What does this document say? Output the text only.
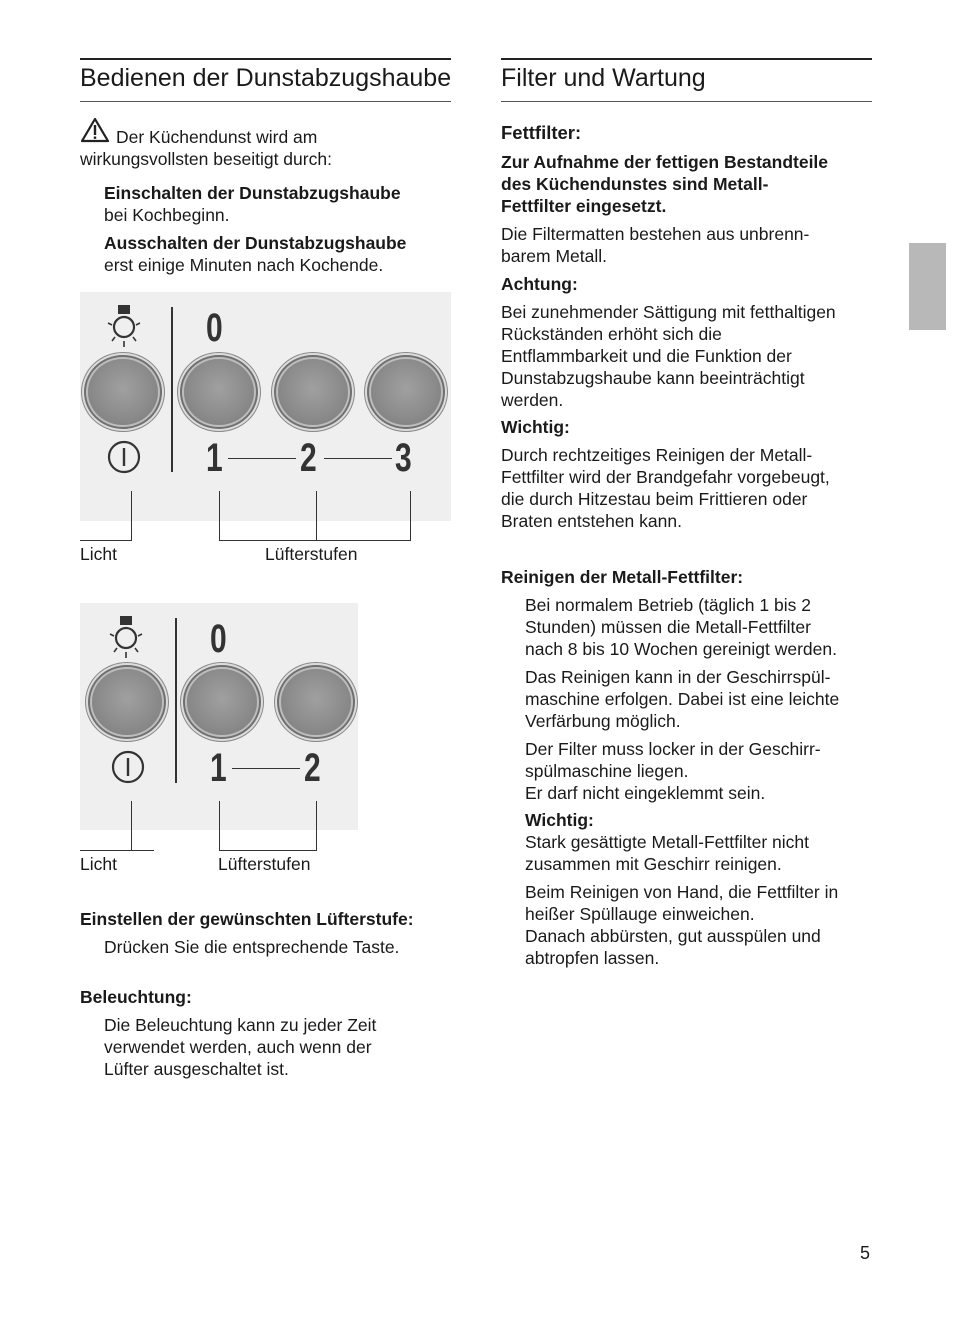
Bedienen der Dunstabzugshaube
Der Küchendunst wird am wirkungsvollsten beseitigt durch:
Einschalten der Dunstabzugshaube
bei Kochbeginn.
Ausschalten der Dunstabzugshaube
erst einige Minuten nach Kochende.
0
1 2 3
Licht	Lüfterstufen
0
1 2
Licht	Lüfterstufen
Einstellen der gewünschten Lüfterstufe:
Drücken Sie die entsprechende Taste.
Beleuchtung:
Die Beleuchtung kann zu jeder Zeit
verwendet werden, auch wenn der
Lüfter ausgeschaltet ist.
Filter und Wartung
Fettfilter:
Zur Aufnahme der fettigen Bestandteile
des Küchendunstes sind Metall-
Fettfilter eingesetzt.
Die Filtermatten bestehen aus unbrenn-
barem Metall.
Achtung:
Bei zunehmender Sättigung mit fetthaltigen
Rückständen erhöht sich die
Entflammbarkeit und die Funktion der
Dunstabzugshaube kann beeinträchtigt
werden.
Wichtig:
Durch rechtzeitiges Reinigen der Metall-
Fettfilter wird der Brandgefahr vorgebeugt,
die durch Hitzestau beim Frittieren oder
Braten entstehen kann.
Reinigen der Metall-Fettfilter:
Bei normalem Betrieb (täglich 1 bis 2
Stunden) müssen die Metall-Fettfilter
nach 8 bis 10 Wochen gereinigt werden.
Das Reinigen kann in der Geschirrspül-
maschine erfolgen. Dabei ist eine leichte
Verfärbung möglich.
Der Filter muss locker in der Geschirr-
spülmaschine liegen.
Er darf nicht eingeklemmt sein.
Wichtig:
Stark gesättigte Metall-Fettfilter nicht
zusammen mit Geschirr reinigen.
Beim Reinigen von Hand, die Fettfilter in
heißer Spüllauge einweichen.
Danach abbürsten, gut ausspülen und
abtropfen lassen.
5
